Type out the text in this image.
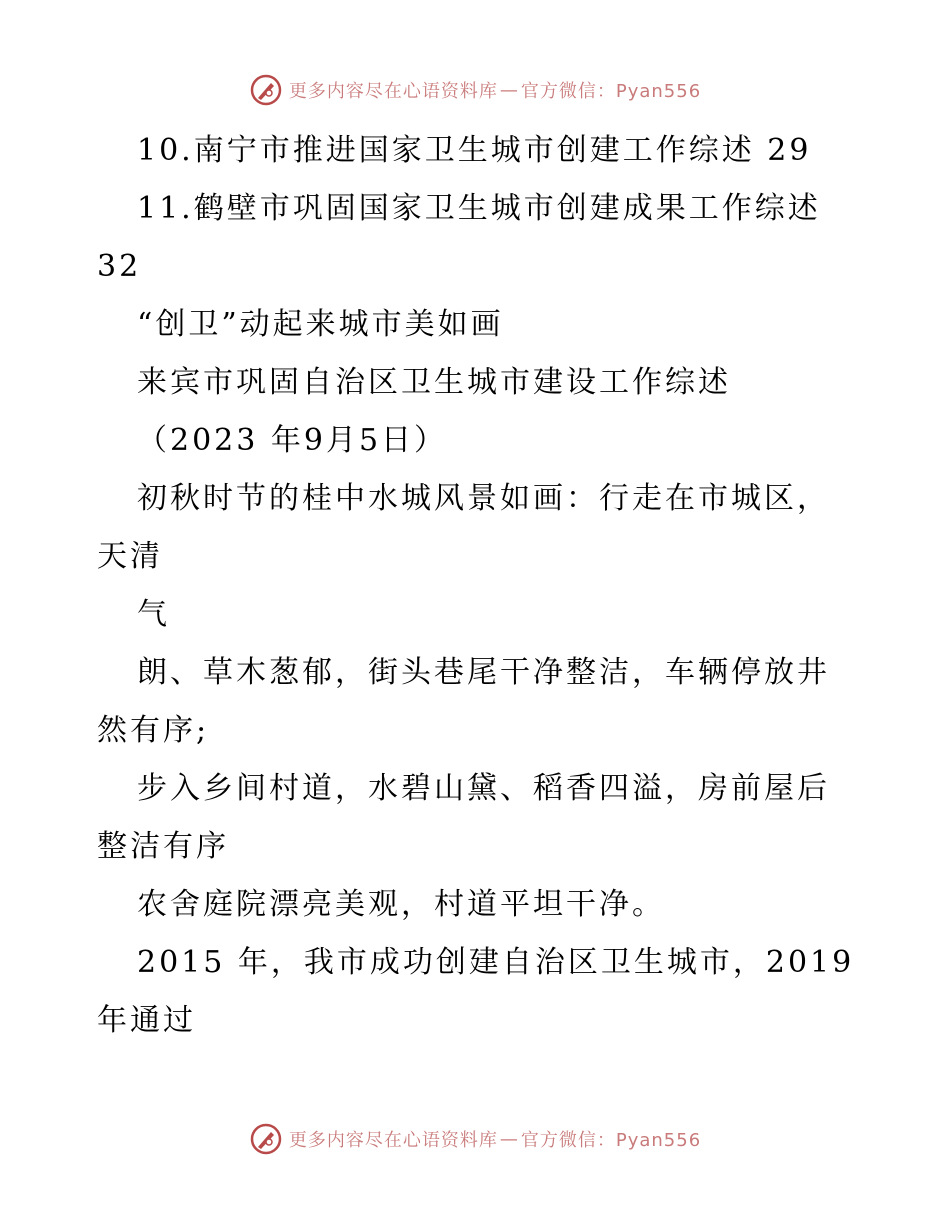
更多内容尽在心语资料库 — 官方微信：Pyan556
10.南宁市推进国家卫生城市创建工作综述 29
11.鹤壁市巩固国家卫生城市创建成果工作综述
32
“创卫”动起来城市美如画
来宾市巩固自治区卫生城市建设工作综述
（2023 年9月5日）
初秋时节的桂中水城风景如画：行走在市城区，
天清
气
朗、草木葱郁，街头巷尾干净整洁，车辆停放井
然有序;
步入乡间村道，水碧山黛、稻香四溢，房前屋后
整洁有序
农舍庭院漂亮美观，村道平坦干净。
2015 年，我市成功创建自治区卫生城市，2019
年通过
更多内容尽在心语资料库 — 官方微信：Pyan556
